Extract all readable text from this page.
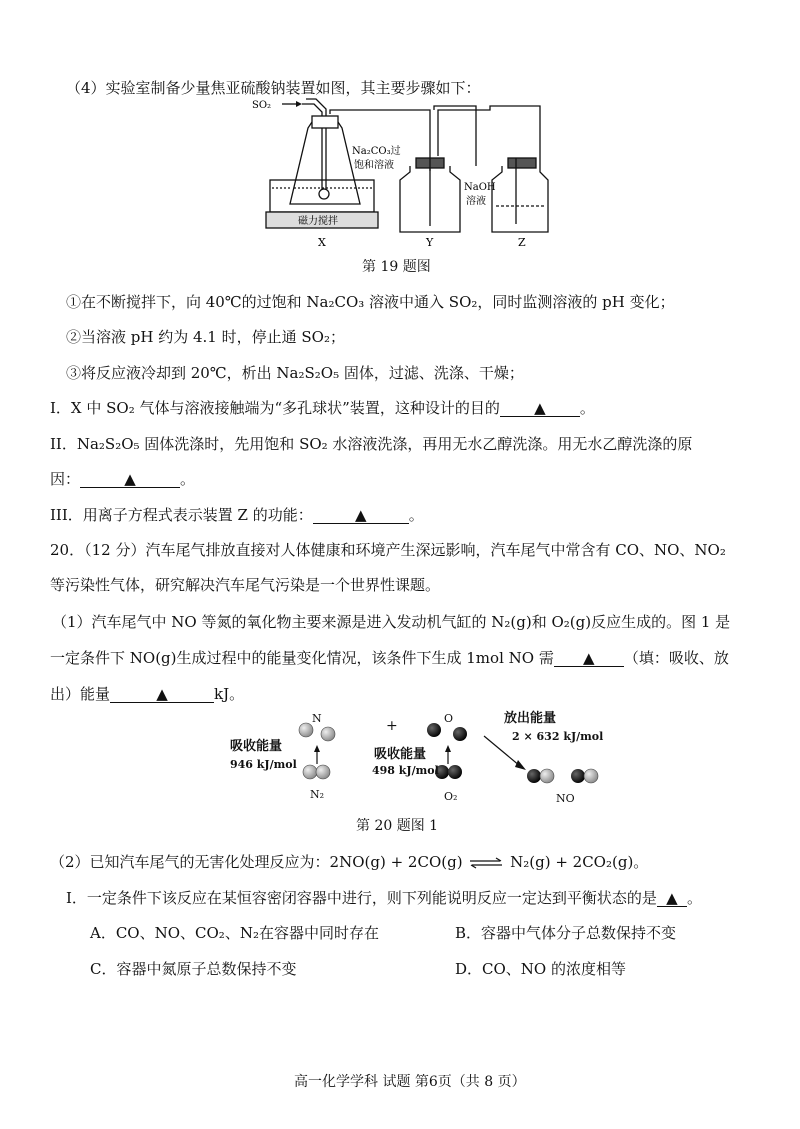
（4）实验室制备少量焦亚硫酸钠装置如图，其主要步骤如下：
SO₂
Na₂CO₃过
饱和溶液
磁力搅拌
NaOH
溶液
X	Y	Z
第 19 题图
①在不断搅拌下，向 40℃的过饱和 Na₂CO₃ 溶液中通入 SO₂，同时监测溶液的 pH 变化；
②当溶液 pH 约为 4.1 时，停止通 SO₂；
③将反应液冷却到 20℃，析出 Na₂S₂O₅ 固体，过滤、洗涤、干燥；
I．X 中 SO₂ 气体与溶液接触端为“多孔球状”装置，这种设计的目的 ▲ 。
II．Na₂S₂O₅ 固体洗涤时，先用饱和 SO₂ 水溶液洗涤，再用无水乙醇洗涤。用无水乙醇洗涤的原
因：	▲	。
III．用离子方程式表示装置 Z 的功能：	▲	。
20．（12 分）汽车尾气排放直接对人体健康和环境产生深远影响，汽车尾气中常含有 CO、NO、NO₂
等污染性气体，研究解决汽车尾气污染是一个世界性课题。
（1）汽车尾气中 NO 等氮的氧化物主要来源是进入发动机气缸的 N₂(g)和 O₂(g)反应生成的。图 1 是
一定条件下 NO(g)生成过程中的能量变化情况，该条件下生成 1mol NO 需 ▲ （填：吸收、放
出）能量	▲	kJ。
N
N₂
吸收能量
946 kJ/mol
+	O
O₂
吸收能量
498 kJ/mol
放出能量
2 × 632 kJ/mol
NO
第 20 题图 1
（2）已知汽车尾气的无害化处理反应为：2NO(g) + 2CO(g) ⇌ N₂(g) + 2CO₂(g)。
I．一定条件下该反应在某恒容密闭容器中进行，则下列能说明反应一定达到平衡状态的是 ▲ 。
A．CO、NO、CO₂、N₂在容器中同时存在	B．容器中气体分子总数保持不变
C．容器中氮原子总数保持不变	D．CO、NO 的浓度相等
高一化学学科 试题 第6页（共 8 页）
